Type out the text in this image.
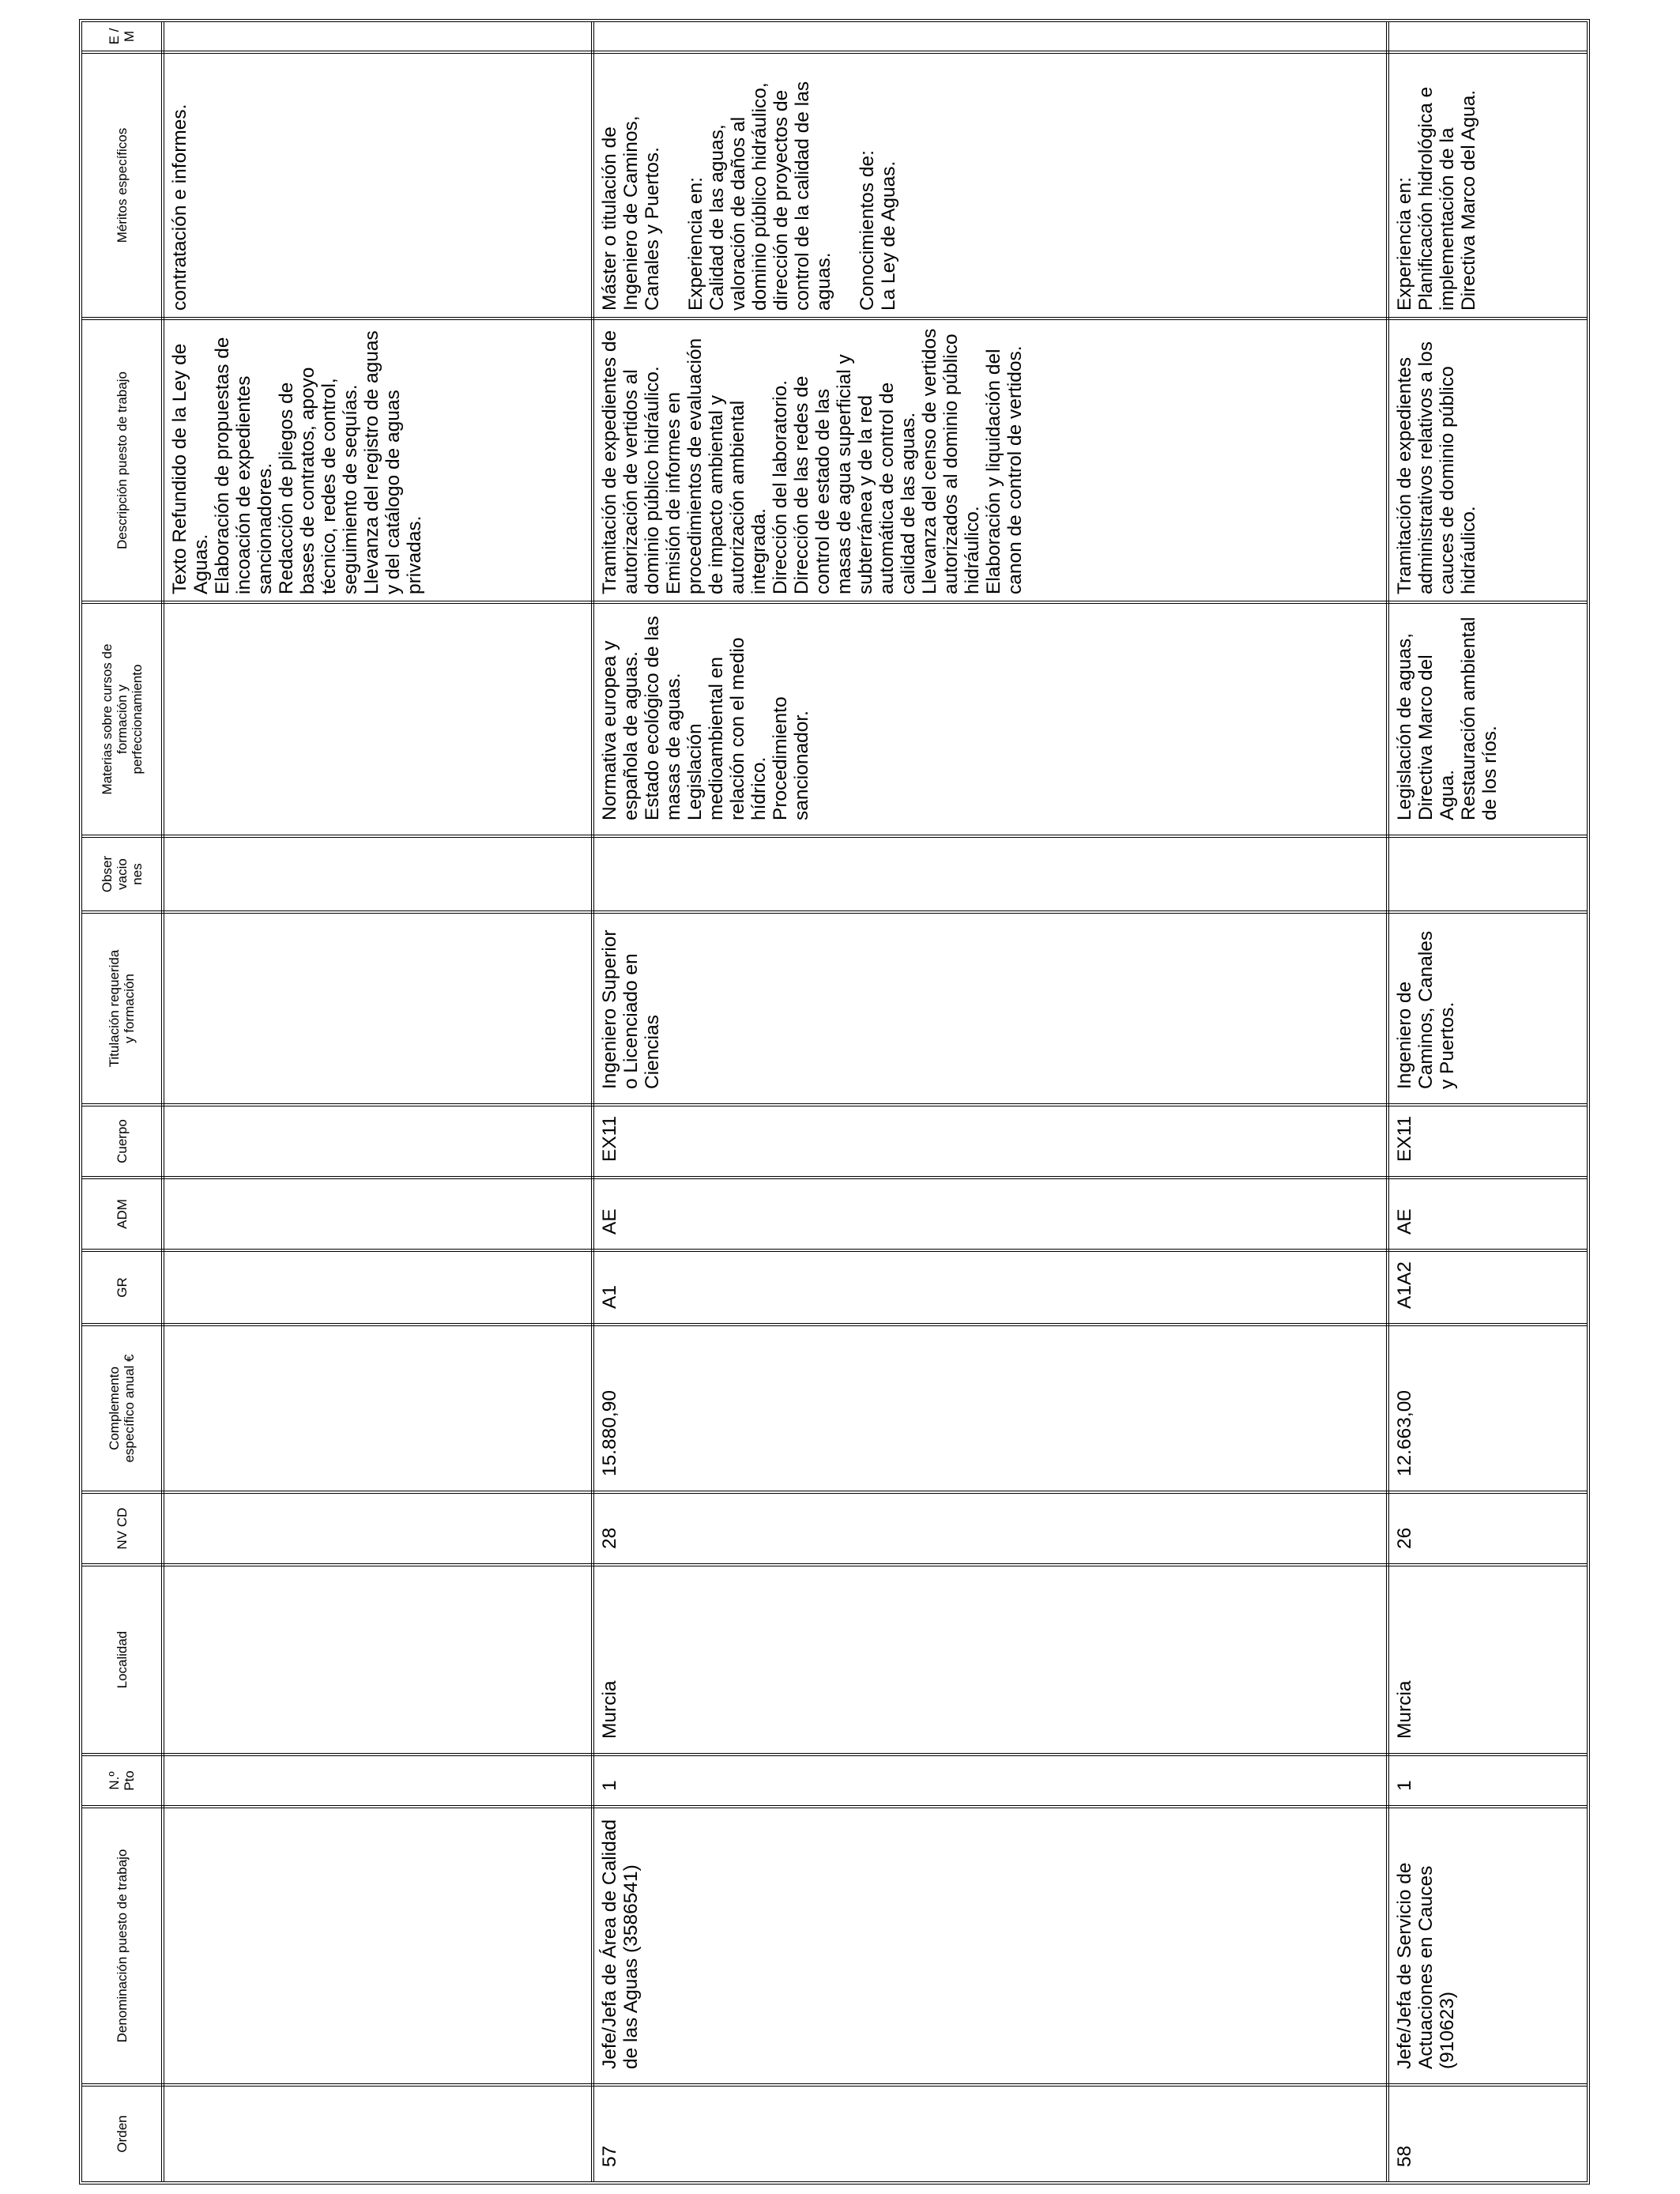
Orden
Denominación puesto de trabajo
N.º Pto
Localidad
NV CD
Complemento específico anual €
GR
ADM
Cuerpo
Titulación requerida y formación
Obser vacio nes
Materias sobre cursos de formación y perfeccionamiento
Descripción puesto de trabajo
Méritos específicos
E / M

Texto Refundido de la Ley de Aguas. Elaboración de propuestas de incoación de expedientes sancionadores. Redacción de pliegos de bases de contratos, apoyo técnico, redes de control, seguimiento de sequías. Llevanza del registro de aguas y del catálogo de aguas privadas.

contratación e informes.

57
Jefe/Jefa de Área de Calidad de las Aguas (3586541)
1
Murcia
28
15.880,90
A1
AE
EX11
Ingeniero Superior o Licenciado en Ciencias

Normativa europea y española de aguas. Estado ecológico de las masas de aguas. Legislación medioambiental en relación con el medio hídrico. Procedimiento sancionador.

Tramitación de expedientes de autorización de vertidos al dominio público hidráulico. Emisión de informes en procedimientos de evaluación de impacto ambiental y autorización ambiental integrada. Dirección del laboratorio. Dirección de las redes de control de estado de las masas de agua superficial y subterránea y de la red automática de control de calidad de las aguas. Llevanza del censo de vertidos autorizados al dominio público hidráulico. Elaboración y liquidación del canon de control de vertidos.

Máster o titulación de Ingeniero de Caminos, Canales y Puertos. Experiencia en: Calidad de las aguas, valoración de daños al dominio público hidráulico, dirección de proyectos de control de la calidad de las aguas. Conocimientos de: La Ley de Aguas.

58
Jefe/Jefa de Servicio de Actuaciones en Cauces (910623)
1
Murcia
26
12.663,00
A1A2
AE
EX11
Ingeniero de Caminos, Canales y Puertos.

Legislación de aguas, Directiva Marco del Agua. Restauración ambiental de los ríos.

Tramitación de expedientes administrativos relativos a los cauces de dominio público hidráulico.

Experiencia en: Planificación hidrológica e implementación de la Directiva Marco del Agua.
